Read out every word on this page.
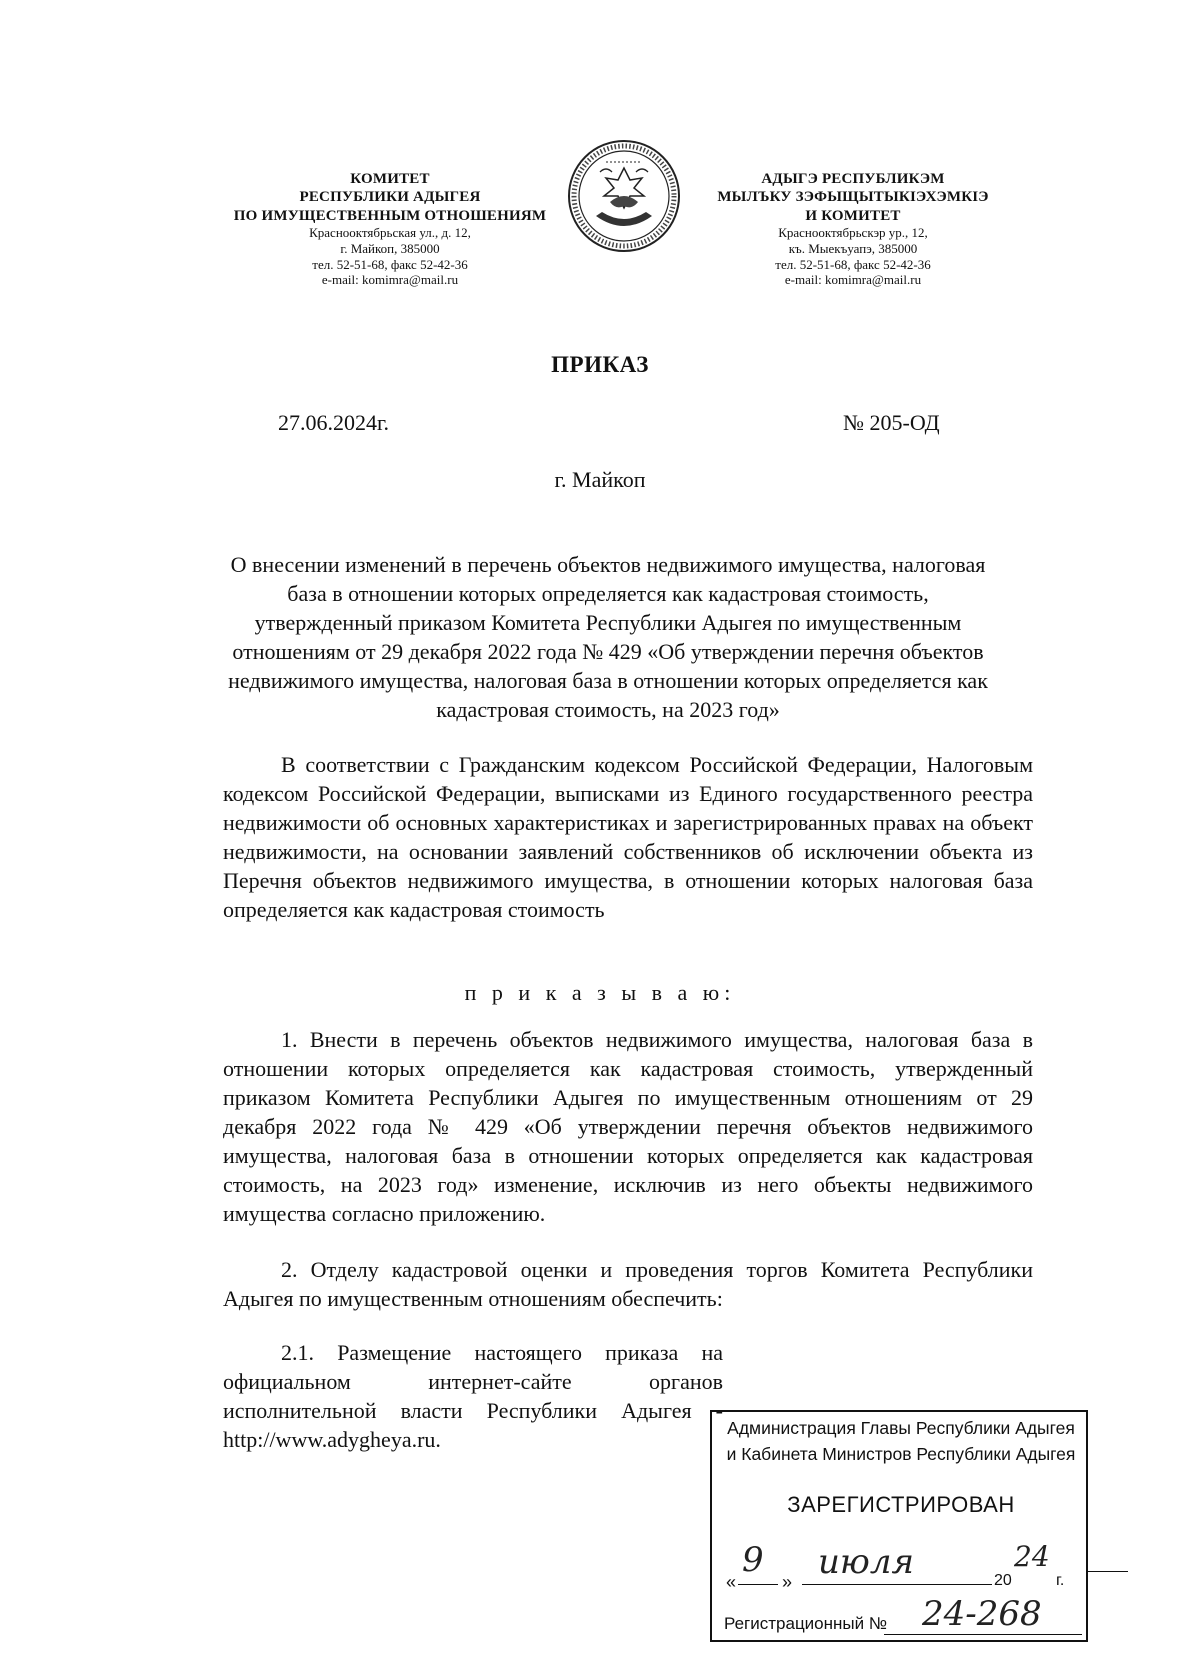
КОМИТЕТ
РЕСПУБЛИКИ АДЫГЕЯ
ПО ИМУЩЕСТВЕННЫМ ОТНОШЕНИЯМ
Краснооктябрьская ул., д. 12,
г. Майкоп, 385000
тел. 52-51-68, факс 52-42-36
e-mail: komimra@mail.ru
АДЫГЭ РЕСПУБЛИКЭМ
МЫЛЪКУ ЗЭФЫЩЫТЫКIЭХЭМКIЭ
И КОМИТЕТ
Краснооктябрьскэр ур., 12,
къ. Мыекъуапэ, 385000
тел. 52-51-68, факс 52-42-36
e-mail: komimra@mail.ru
ПРИКАЗ
27.06.2024г.	№ 205-ОД
г. Майкоп
О внесении изменений в перечень объектов недвижимого имущества, налоговая база в отношении которых определяется как кадастровая стоимость, утвержденный приказом Комитета Республики Адыгея по имущественным отношениям от 29 декабря 2022 года № 429 «Об утверждении перечня объектов недвижимого имущества, налоговая база в отношении которых определяется как кадастровая стоимость, на 2023 год»
В соответствии с Гражданским кодексом Российской Федерации, Налоговым кодексом Российской Федерации, выписками из Единого государственного реестра недвижимости об основных характеристиках и зарегистрированных правах на объект недвижимости, на основании заявлений собственников об исключении объекта из Перечня объектов недвижимого имущества, в отношении которых налоговая база определяется как кадастровая стоимость
п р и к а з ы в а ю:
1. Внести в перечень объектов недвижимого имущества, налоговая база в отношении которых определяется как кадастровая стоимость, утвержденный приказом Комитета Республики Адыгея по имущественным отношениям от 29 декабря 2022 года № 429 «Об утверждении перечня объектов недвижимого имущества, налоговая база в отношении которых определяется как кадастровая стоимость, на 2023 год» изменение, исключив из него объекты недвижимого имущества согласно приложению.
2. Отделу кадастровой оценки и проведения торгов Комитета Республики Адыгея по имущественным отношениям обеспечить:
2.1. Размещение настоящего приказа на официальном интернет-сайте органов исполнительной власти Республики Адыгея - http://www.adygheya.ru.	Администрация Главы Республики Адыгея
и Кабинета Министров Республики Адыгея
ЗАРЕГИСТРИРОВАН
«
9
» июля	20
24
г.
Регистрационный № 24-268
